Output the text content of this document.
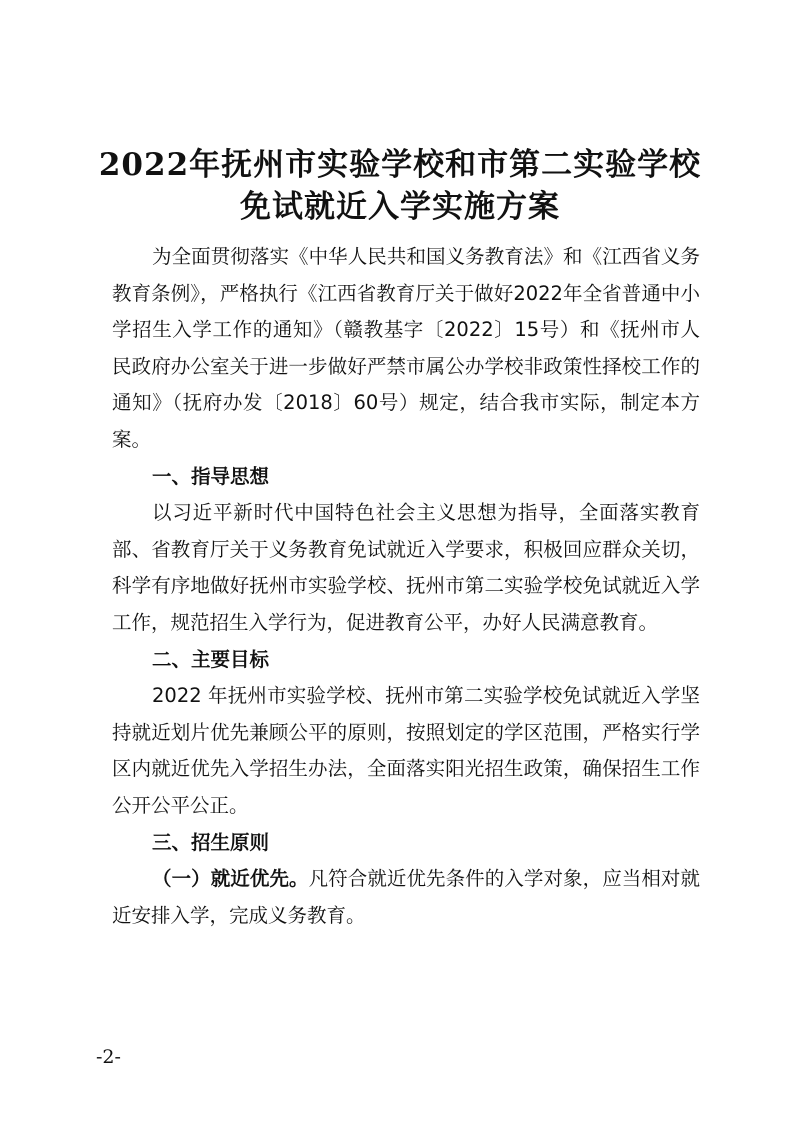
2022年抚州市实验学校和市第二实验学校
免试就近入学实施方案

为全面贯彻落实《中华人民共和国义务教育法》和《江西省义务教育条例》，严格执行《江西省教育厅关于做好2022年全省普通中小学招生入学工作的通知》（赣教基字〔2022〕15号）和《抚州市人民政府办公室关于进一步做好严禁市属公办学校非政策性择校工作的通知》（抚府办发〔2018〕60号）规定，结合我市实际，制定本方案。

一、指导思想

以习近平新时代中国特色社会主义思想为指导，全面落实教育部、省教育厅关于义务教育免试就近入学要求，积极回应群众关切，科学有序地做好抚州市实验学校、抚州市第二实验学校免试就近入学工作，规范招生入学行为，促进教育公平，办好人民满意教育。

二、主要目标

2022 年抚州市实验学校、抚州市第二实验学校免试就近入学坚持就近划片优先兼顾公平的原则，按照划定的学区范围，严格实行学区内就近优先入学招生办法，全面落实阳光招生政策，确保招生工作公开公平公正。

三、招生原则

（一）就近优先。凡符合就近优先条件的入学对象，应当相对就近安排入学，完成义务教育。

-2-
